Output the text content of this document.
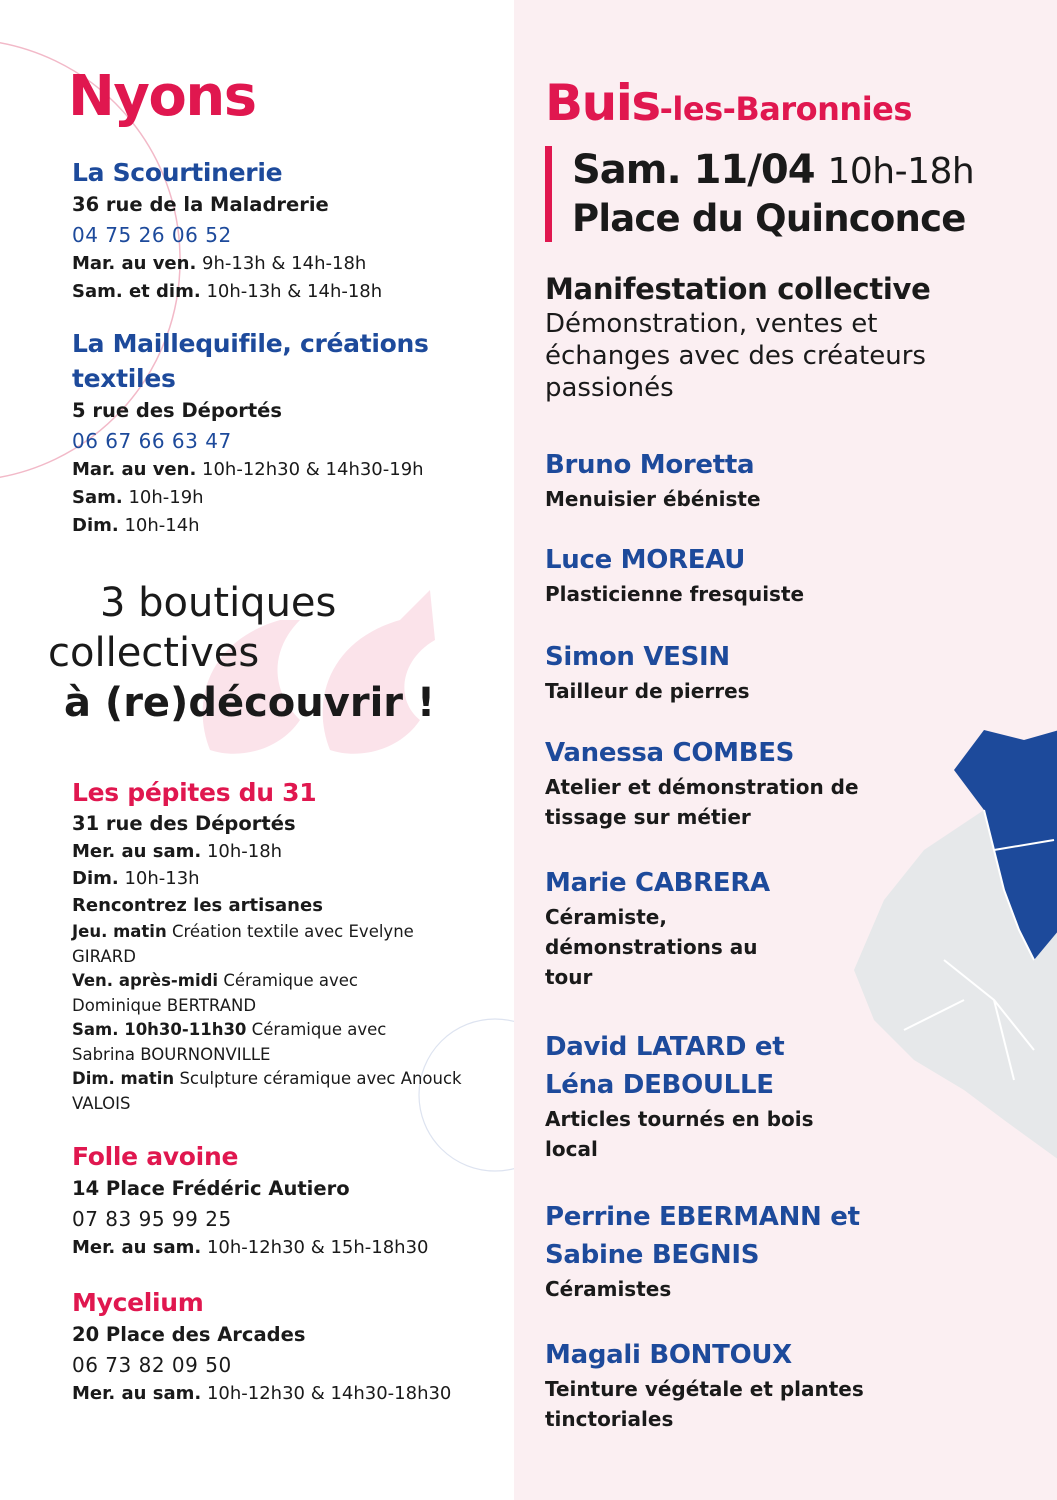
Nyons
La Scourtinerie
36 rue de la Maladrerie
04 75 26 06 52
Mar. au ven. 9h-13h & 14h-18h
Sam. et dim. 10h-13h & 14h-18h
La Maillequifile, créations textiles
5 rue des Déportés
06 67 66 63 47
Mar. au ven. 10h-12h30 & 14h30-19h
Sam. 10h-19h
Dim. 10h-14h
3 boutiques
collectives
à (re)découvrir !
Les pépites du 31
31 rue des Déportés
Mer. au sam. 10h-18h
Dim. 10h-13h
Rencontrez les artisanes
Jeu. matin Création textile avec Evelyne GIRARD
Ven. après-midi Céramique avec Dominique BERTRAND
Sam. 10h30-11h30 Céramique avec Sabrina BOURNONVILLE
Dim. matin Sculpture céramique avec Anouck VALOIS
Folle avoine
14 Place Frédéric Autiero
07 83 95 99 25
Mer. au sam. 10h-12h30 & 15h-18h30
Mycelium
20 Place des Arcades
06 73 82 09 50
Mer. au sam. 10h-12h30 & 14h30-18h30
Buis-les-Baronnies
Sam. 11/04 10h-18h
Place du Quinconce
Manifestation collective
Démonstration, ventes et échanges avec des créateurs passionés
Bruno Moretta
Menuisier ébéniste
Luce MOREAU
Plasticienne fresquiste
Simon VESIN
Tailleur de pierres
Vanessa COMBES
Atelier et démonstration de tissage sur métier
Marie CABRERA
Céramiste, démonstrations au tour
David LATARD et Léna DEBOULLE
Articles tournés en bois local
Perrine EBERMANN et Sabine BEGNIS
Céramistes
Magali BONTOUX
Teinture végétale et plantes tinctoriales
